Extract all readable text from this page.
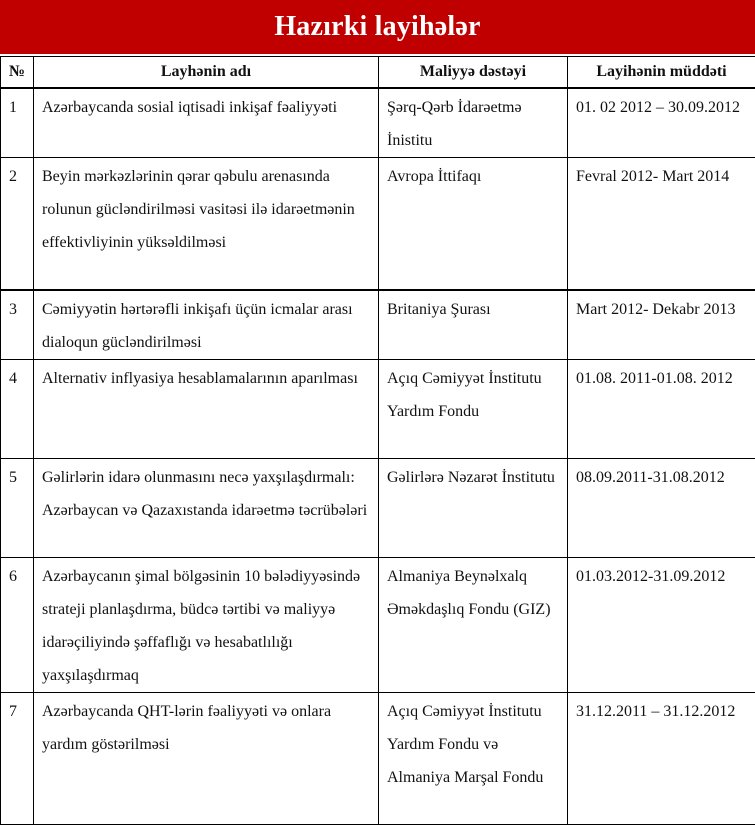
Hazırki layihələr
№	Layhənin adı	Maliyyə dəstəyi	Layihənin müddəti
1	Azərbaycanda sosial iqtisadi inkişaf fəaliyyəti	Şərq-Qərb İdarəetmə İnistitu	01. 02 2012 – 30.09.2012
2	Beyin mərkəzlərinin qərar qəbulu arenasında rolunun gücləndirilməsi vasitəsi ilə idarəetmənin effektivliyinin yüksəldilməsi	Avropa İttifaqı	Fevral 2012- Mart 2014
3	Cəmiyyətin hərtərəfli inkişafı üçün icmalar arası dialoqun gücləndirilməsi	Britaniya Şurası	Mart 2012- Dekabr 2013
4	Alternativ inflyasiya hesablamalarının aparılması	Açıq Cəmiyyət İnstitutu Yardım Fondu	01.08. 2011-01.08. 2012
5	Gəlirlərin idarə olunmasını necə yaxşılaşdırmalı: Azərbaycan və Qazaxıstanda idarəetmə təcrübələri	Gəlirlərə Nəzarət İnstitutu	08.09.2011-31.08.2012
6	Azərbaycanın şimal bölgəsinin 10 bələdiyyəsində strateji planlaşdırma, büdcə tərtibi və maliyyə idarəçiliyində şəffaflığı və hesabatlılığı yaxşılaşdırmaq	Almaniya Beynəlxalq Əməkdaşlıq Fondu (GIZ)	01.03.2012-31.09.2012
7	Azərbaycanda QHT-lərin fəaliyyəti və onlara yardım göstərilməsi	Açıq Cəmiyyət İnstitutu Yardım Fondu və Almaniya Marşal Fondu	31.12.2011 – 31.12.2012
